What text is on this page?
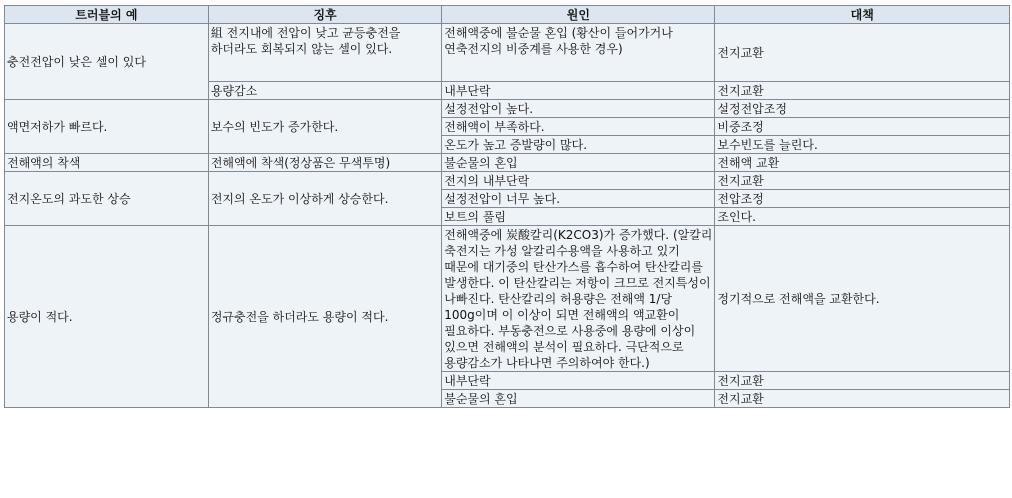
트러블의 예	징후	원인	대책
충전전압이 낮은 셀이 있다	組 전지내에 전압이 낮고 균등충전을 하더라도 회복되지 않는 셀이 있다.	전해액중에 불순물 혼입 (황산이 들어가거나 연축전지의 비중계를 사용한 경우)	전지교환
	용량감소	내부단락	전지교환
액면저하가 빠르다.	보수의 빈도가 증가한다.	설정전압이 높다.	설정전압조정
		전해액이 부족하다.	비중조정
		온도가 높고 증발량이 많다.	보수빈도를 늘린다.
전해액의 착색	전해액에 착색(정상품은 무색투명)	불순물의 혼입	전해액 교환
전지온도의 과도한 상승	전지의 온도가 이상하게 상승한다.	전지의 내부단락	전지교환
		설정전압이 너무 높다.	전압조정
		보트의 풀림	조인다.
용량이 적다.	정규충전을 하더라도 용량이 적다.	전해액중에 炭酸칼리(K2CO3)가 증가했다. (알칼리 축전지는 가성 알칼리수용액을 사용하고 있기 때문에 대기중의 탄산가스를 흡수하여 탄산칼리를 발생한다. 이 탄산칼리는 저항이 크므로 전지특성이 나빠진다. 탄산칼리의 허용량은 전해액 1/당 100g이며 이 이상이 되면 전해액의 액교환이 필요하다. 부동충전으로 사용중에 용량에 이상이 있으면 전해액의 분석이 필요하다. 극단적으로 용량감소가 나타나면 주의하여야 한다.)	정기적으로 전해액을 교환한다.
		내부단락	전지교환
		불순물의 혼입	전지교환
